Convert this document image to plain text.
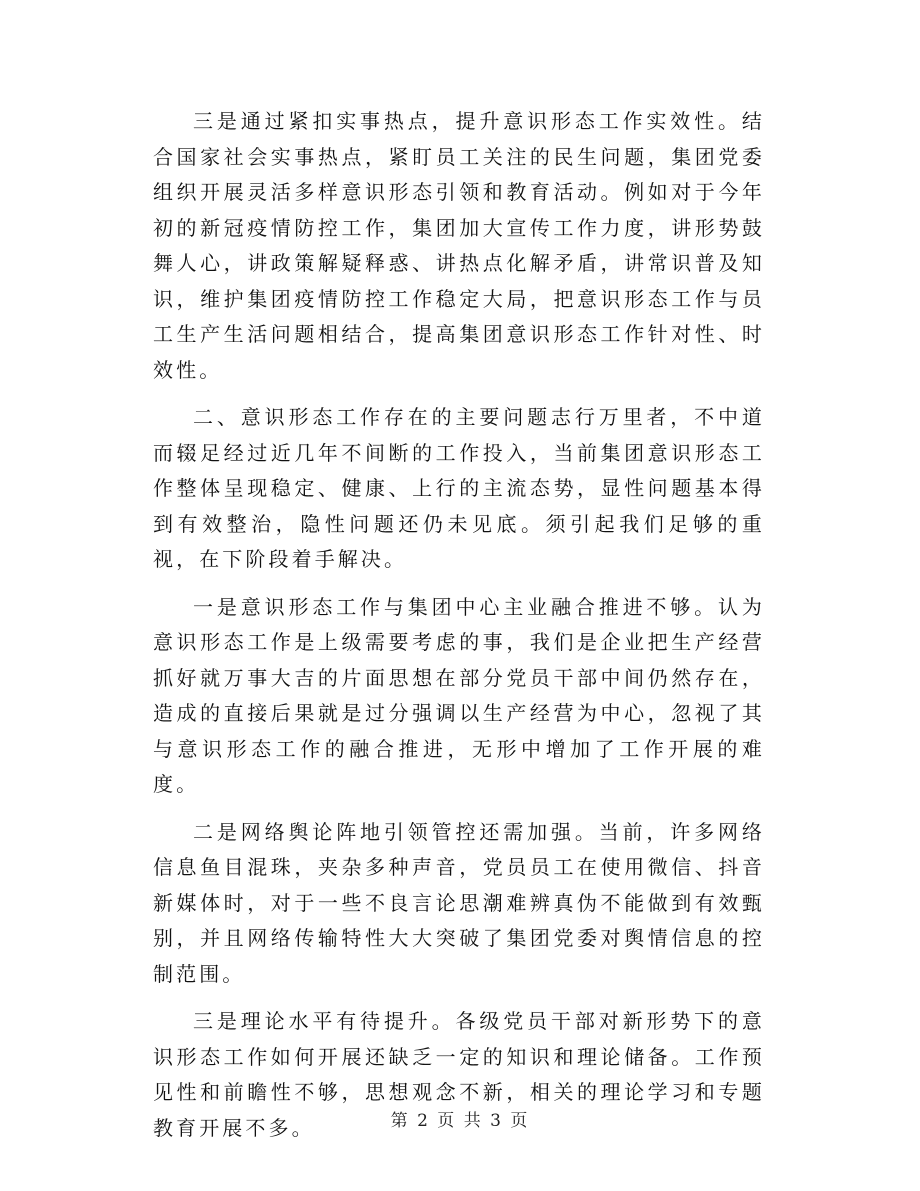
三是通过紧扣实事热点，提升意识形态工作实效性。结合国家社会实事热点，紧盯员工关注的民生问题，集团党委组织开展灵活多样意识形态引领和教育活动。例如对于今年初的新冠疫情防控工作，集团加大宣传工作力度，讲形势鼓舞人心，讲政策解疑释惑、讲热点化解矛盾，讲常识普及知识，维护集团疫情防控工作稳定大局，把意识形态工作与员工生产生活问题相结合，提高集团意识形态工作针对性、时效性。

二、意识形态工作存在的主要问题志行万里者，不中道而辍足经过近几年不间断的工作投入，当前集团意识形态工作整体呈现稳定、健康、上行的主流态势，显性问题基本得到有效整治，隐性问题还仍未见底。须引起我们足够的重视，在下阶段着手解决。

一是意识形态工作与集团中心主业融合推进不够。认为意识形态工作是上级需要考虑的事，我们是企业把生产经营抓好就万事大吉的片面思想在部分党员干部中间仍然存在，造成的直接后果就是过分强调以生产经营为中心，忽视了其与意识形态工作的融合推进，无形中增加了工作开展的难度。

二是网络舆论阵地引领管控还需加强。当前，许多网络信息鱼目混珠，夹杂多种声音，党员员工在使用微信、抖音新媒体时，对于一些不良言论思潮难辨真伪不能做到有效甄别，并且网络传输特性大大突破了集团党委对舆情信息的控制范围。

三是理论水平有待提升。各级党员干部对新形势下的意识形态工作如何开展还缺乏一定的知识和理论储备。工作预见性和前瞻性不够，思想观念不新，相关的理论学习和专题教育开展不多。	第 2 页 共 3 页
